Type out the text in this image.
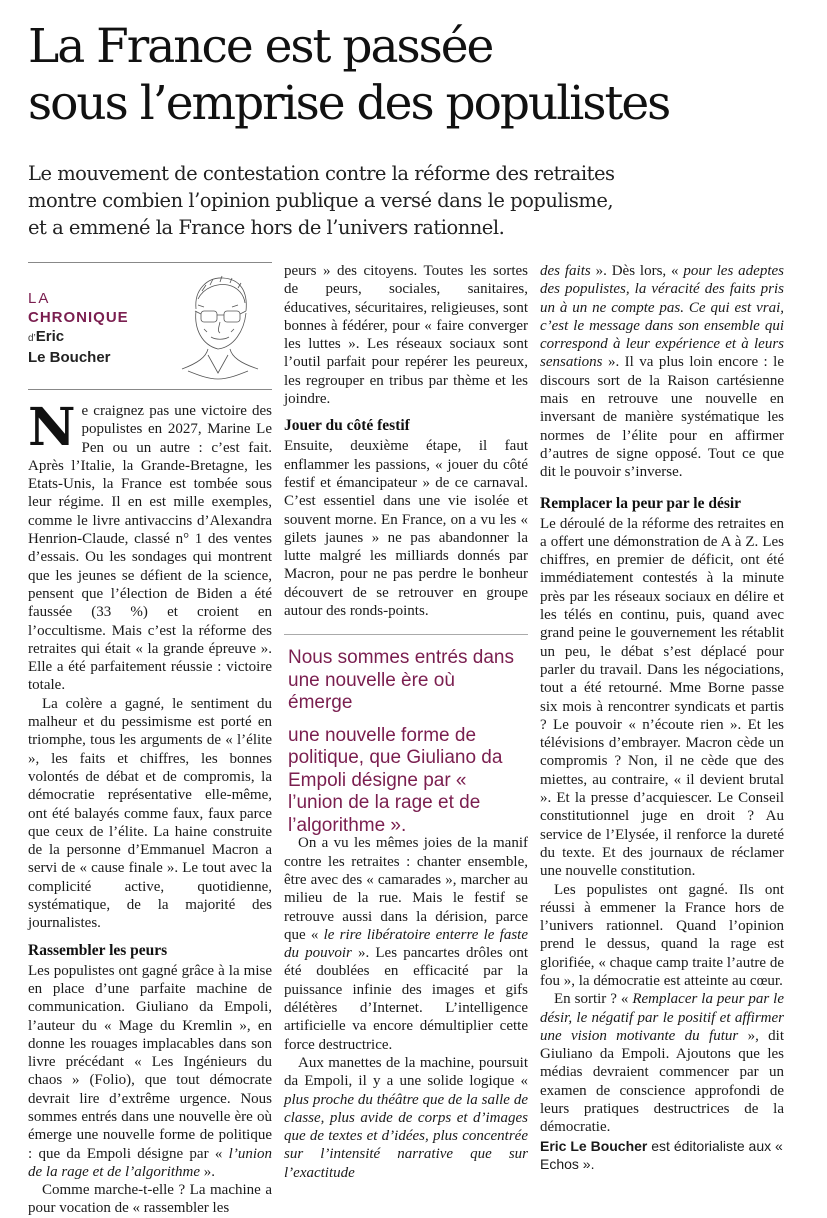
La France est passée
sous l’emprise des populistes

Le mouvement de contestation contre la réforme des retraites
montre combien l’opinion publique a versé dans le populisme,
et a emmené la France hors de l’univers rationnel.

LA
CHRONIQUE
d’Eric
Le Boucher

Ne craignez pas une victoire des populistes en 2027, Marine Le Pen ou un autre : c’est fait. Après l’Italie, la Grande-Bretagne, les Etats-Unis, la France est tombée sous leur régime. Il en est mille exemples, comme le livre antivaccins d’Alexandra Henrion-Claude, classé n° 1 des ventes d’essais. Ou les sondages qui montrent que les jeunes se défient de la science, pensent que l’élection de Biden a été faussée (33 %) et croient en l’occultisme. Mais c’est la réforme des retraites qui était « la grande épreuve ». Elle a été parfaitement réussie : victoire totale.

La colère a gagné, le sentiment du malheur et du pessimisme est porté en triomphe, tous les arguments de « l’élite », les faits et chiffres, les bonnes volontés de débat et de compromis, la démocratie représentative elle-même, ont été balayés comme faux, faux parce que ceux de l’élite. La haine construite de la personne d’Emmanuel Macron a servi de « cause finale ». Le tout avec la complicité active, quotidienne, systématique, de la majorité des journalistes.

Rassembler les peurs

Les populistes ont gagné grâce à la mise en place d’une parfaite machine de communication. Giuliano da Empoli, l’auteur du « Mage du Kremlin », en donne les rouages implacables dans son livre précédant « Les Ingénieurs du chaos » (Folio), que tout démocrate devrait lire d’extrême urgence. Nous sommes entrés dans une nouvelle ère où émerge une nouvelle forme de politique : que da Empoli désigne par « l’union de la rage et de l’algorithme ».

Comme marche-t-elle ? La machine a pour vocation de « rassembler les

peurs » des citoyens. Toutes les sortes de peurs, sociales, sanitaires, éducatives, sécuritaires, religieuses, sont bonnes à fédérer, pour « faire converger les luttes ». Les réseaux sociaux sont l’outil parfait pour repérer les peureux, les regrouper en tribus par thème et les joindre.

Jouer du côté festif

Ensuite, deuxième étape, il faut enflammer les passions, « jouer du côté festif et émancipateur » de ce carnaval. C’est essentiel dans une vie isolée et souvent morne. En France, on a vu les « gilets jaunes » ne pas abandonner la lutte malgré les milliards donnés par Macron, pour ne pas perdre le bonheur découvert de se retrouver en groupe autour des ronds-points.

Nous sommes entrés dans une nouvelle ère où émerge
une nouvelle forme de politique, que Giuliano da Empoli désigne par « l’union de la rage et de l’algorithme ».

On a vu les mêmes joies de la manif contre les retraites : chanter ensemble, être avec des « camarades », marcher au milieu de la rue. Mais le festif se retrouve aussi dans la dérision, parce que « le rire libératoire enterre le faste du pouvoir ». Les pancartes drôles ont été doublées en efficacité par la puissance infinie des images et gifs délétères d’Internet. L’intelligence artificielle va encore démultiplier cette force destructrice.

Aux manettes de la machine, poursuit da Empoli, il y a une solide logique « plus proche du théâtre que de la salle de classe, plus avide de corps et d’images que de textes et d’idées, plus concentrée sur l’intensité narrative que sur l’exactitude

des faits ». Dès lors, « pour les adeptes des populistes, la véracité des faits pris un à un ne compte pas. Ce qui est vrai, c’est le message dans son ensemble qui correspond à leur expérience et à leurs sensations ». Il va plus loin encore : le discours sort de la Raison cartésienne mais en retrouve une nouvelle en inversant de manière systématique les normes de l’élite pour en affirmer d’autres de signe opposé. Tout ce que dit le pouvoir s’inverse.

Remplacer la peur par le désir

Le déroulé de la réforme des retraites en a offert une démonstration de A à Z. Les chiffres, en premier de déficit, ont été immédiatement contestés à la minute près par les réseaux sociaux en délire et les télés en continu, puis, quand avec grand peine le gouvernement les rétablit un peu, le débat s’est déplacé pour parler du travail. Dans les négociations, tout a été retourné. Mme Borne passe six mois à rencontrer syndicats et partis ? Le pouvoir « n’écoute rien ». Et les télévisions d’embrayer. Macron cède un compromis ? Non, il ne cède que des miettes, au contraire, « il devient brutal ». Et la presse d’acquiescer. Le Conseil constitutionnel juge en droit ? Au service de l’Elysée, il renforce la dureté du texte. Et des journaux de réclamer une nouvelle constitution.

Les populistes ont gagné. Ils ont réussi à emmener la France hors de l’univers rationnel. Quand l’opinion prend le dessus, quand la rage est glorifiée, « chaque camp traite l’autre de fou », la démocratie est atteinte au cœur.

En sortir ? « Remplacer la peur par le désir, le négatif par le positif et affirmer une vision motivante du futur », dit Giuliano da Empoli. Ajoutons que les médias devraient commencer par un examen de conscience approfondi de leurs pratiques destructrices de la démocratie.

Eric Le Boucher est éditorialiste aux « Echos ».
